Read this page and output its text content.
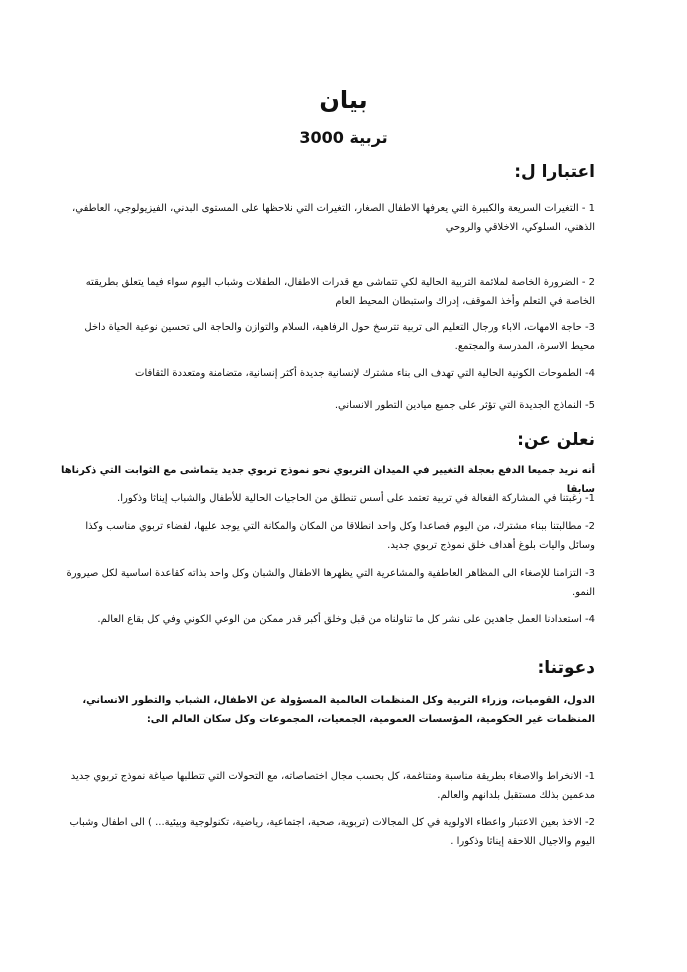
بيان
تربية 3000
اعتبارا ل:

1 - التغيرات السريعة والكبيرة التي يعرفها الاطفال الصغار، التغيرات التي نلاحظها على المستوى البدني، الفيزيولوجي، العاطفي، الذهني، السلوكي، الاخلاقي والروحي

2 - الضرورة الخاصة لملائمة التربية الحالية لكي تتماشى مع قدرات الاطفال، الطفلات وشباب اليوم سواء فيما يتعلق بطريقته الخاصة في التعلم وأخذ الموقف، إدراك واستبطان المحيط العام

3- حاجة الامهات، الاباء ورجال التعليم الى تربية تترسخ حول الرفاهية، السلام والتوازن والحاجة الى تحسين نوعية الحياة داخل محيط الاسرة، المدرسة والمجتمع.

4- الطموحات الكونية الحالية التي تهدف الى بناء مشترك لإنسانية جديدة أكثر إنسانية، متضامنة ومتعددة الثقافات

5- النماذج الجديدة التي تؤثر على جميع ميادين التطور الانساني.

نعلن عن:

أنه نريد جميعا الدفع بعجلة التغيير في الميدان التربوي نحو نموذج تربوي جديد يتماشى مع الثوابت التي ذكرناها سابقا

1- رغبتنا في المشاركة الفعالة في تربية تعتمد على أسس تنطلق من الحاجيات الحالية للأطفال والشباب إيناثا وذكورا.

2- مطالبتنا ببناء مشترك، من اليوم فصاعدا وكل واحد انطلاقا من المكان والمكانة التي يوجد عليها، لفضاء تربوي مناسب وكذا وسائل واليات بلوغ أهداف خلق نموذج تربوي جديد.

3- التزامنا للإصغاء الى المظاهر العاطفية والمشاعرية التي يظهرها الاطفال والشبان وكل واحد بذاته كقاعدة اساسية لكل صيرورة النمو.

4- استعدادنا العمل جاهدين على نشر كل ما تناولناه من قبل وخلق أكبر قدر ممكن من الوعي الكوني وفي كل بقاع العالم.

دعوتنا:

الدول، القوميات، وزراء التربية وكل المنظمات العالمية المسؤولة عن الاطفال، الشباب والتطور الانساني، المنظمات غير الحكومية، المؤسسات العمومية، الجمعيات، المجموعات وكل سكان العالم الى:

1- الانخراط والاصغاء بطريقة مناسبة ومتناغمة، كل بحسب مجال اختصاصاته، مع التحولات التي تتطلبها صياغة نموذج تربوي جديد مدعمين بذلك مستقبل بلدانهم والعالم.

2- الاخذ بعين الاعتبار واعطاء الاولوية في كل المجالات (تربوية، صحية، اجتماعية، رياضية، تكنولوجية وبيئية... ) الى اطفال وشباب اليوم والاجيال اللاحقة إيناثا وذكورا .
